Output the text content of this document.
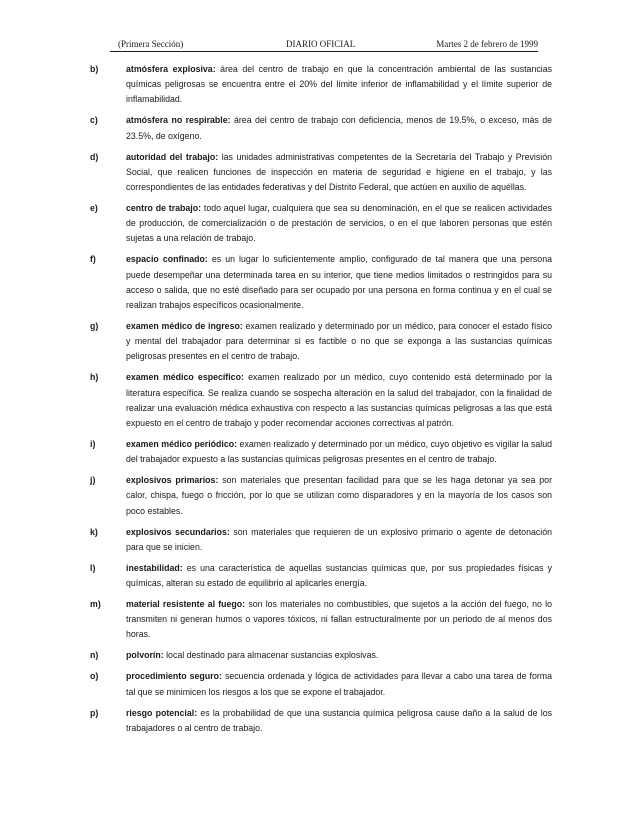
(Primera Sección)	DIARIO OFICIAL	Martes 2 de febrero de 1999
b)	atmósfera explosiva: área del centro de trabajo en que la concentración ambiental de las sustancias químicas peligrosas se encuentra entre el 20% del límite inferior de inflamabilidad y el límite superior de inflamabilidad.
c)	atmósfera no respirable: área del centro de trabajo con deficiencia, menos de 19.5%, o exceso, más de 23.5%, de oxígeno.
d)	autoridad del trabajo: las unidades administrativas competentes de la Secretaría del Trabajo y Previsión Social, que realicen funciones de inspección en materia de seguridad e higiene en el trabajo, y las correspondientes de las entidades federativas y del Distrito Federal, que actúen en auxilio de aquéllas.
e)	centro de trabajo: todo aquel lugar, cualquiera que sea su denominación, en el que se realicen actividades de producción, de comercialización o de prestación de servicios, o en el que laboren personas que estén sujetas a una relación de trabajo.
f)	espacio confinado: es un lugar lo suficientemente amplio, configurado de tal manera que una persona puede desempeñar una determinada tarea en su interior, que tiene medios limitados o restringidos para su acceso o salida, que no esté diseñado para ser ocupado por una persona en forma continua y en el cual se realizan trabajos específicos ocasionalmente.
g)	examen médico de ingreso: examen realizado y determinado por un médico, para conocer el estado físico y mental del trabajador para determinar si es factible o no que se exponga a las sustancias químicas peligrosas presentes en el centro de trabajo.
h)	examen médico específico: examen realizado por un médico, cuyo contenido está determinado por la literatura específica. Se realiza cuando se sospecha alteración en la salud del trabajador, con la finalidad de realizar una evaluación médica exhaustiva con respecto a las sustancias químicas peligrosas a las que está expuesto en el centro de trabajo y poder recomendar acciones correctivas al patrón.
i)	examen médico periódico: examen realizado y determinado por un médico, cuyo objetivo es vigilar la salud del trabajador expuesto a las sustancias químicas peligrosas presentes en el centro de trabajo.
j)	explosivos primarios: son materiales que presentan facilidad para que se les haga detonar ya sea por calor, chispa, fuego o fricción, por lo que se utilizan como disparadores y en la mayoría de los casos son poco estables.
k)	explosivos secundarios: son materiales que requieren de un explosivo primario o agente de detonación para que se inicien.
l)	inestabilidad: es una característica de aquellas sustancias químicas que, por sus propiedades físicas y químicas, alteran su estado de equilibrio al aplicarles energía.
m)	material resistente al fuego: son los materiales no combustibles, que sujetos a la acción del fuego, no lo transmiten ni generan humos o vapores tóxicos, ni fallan estructuralmente por un periodo de al menos dos horas.
n)	polvorín: local destinado para almacenar sustancias explosivas.
o)	procedimiento seguro: secuencia ordenada y lógica de actividades para llevar a cabo una tarea de forma tal que se minimicen los riesgos a los que se expone el trabajador.
p)	riesgo potencial: es la probabilidad de que una sustancia química peligrosa cause daño a la salud de los trabajadores o al centro de trabajo.
